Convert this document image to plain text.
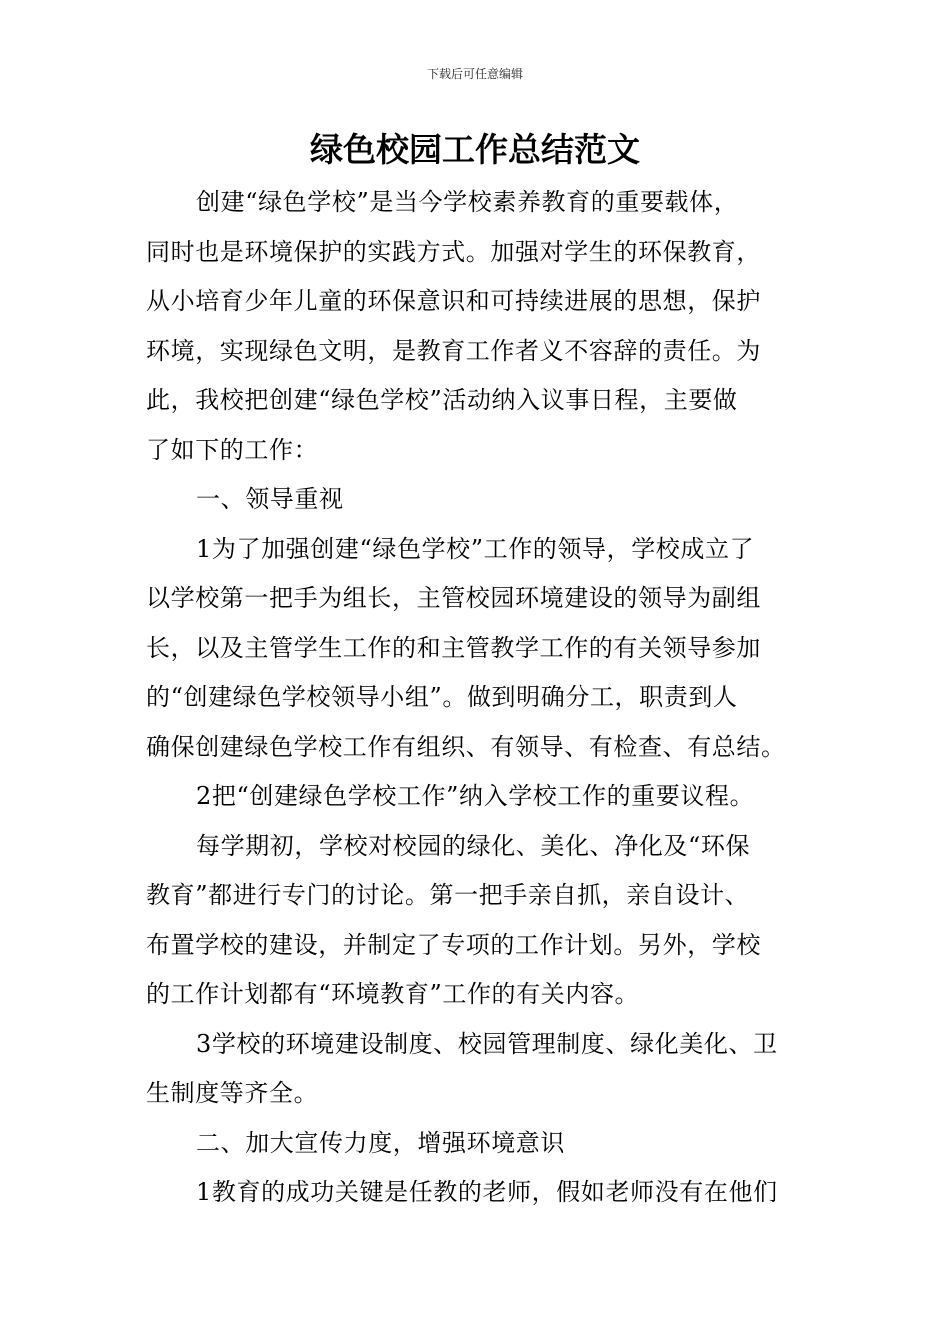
下载后可任意编辑
绿色校园工作总结范文
创建“绿色学校”是当今学校素养教育的重要载体，
同时也是环境保护的实践方式。加强对学生的环保教育，
从小培育少年儿童的环保意识和可持续进展的思想，保护
环境，实现绿色文明，是教育工作者义不容辞的责任。为
此，我校把创建“绿色学校”活动纳入议事日程，主要做
了如下的工作：
一、领导重视
1为了加强创建“绿色学校”工作的领导，学校成立了
以学校第一把手为组长，主管校园环境建设的领导为副组
长，以及主管学生工作的和主管教学工作的有关领导参加
的“创建绿色学校领导小组”。做到明确分工，职责到人
确保创建绿色学校工作有组织、有领导、有检查、有总结。
2把“创建绿色学校工作”纳入学校工作的重要议程。
每学期初，学校对校园的绿化、美化、净化及“环保
教育”都进行专门的讨论。第一把手亲自抓，亲自设计、
布置学校的建设，并制定了专项的工作计划。另外，学校
的工作计划都有“环境教育”工作的有关内容。
3学校的环境建设制度、校园管理制度、绿化美化、卫
生制度等齐全。
二、加大宣传力度，增强环境意识
1教育的成功关键是任教的老师，假如老师没有在他们
